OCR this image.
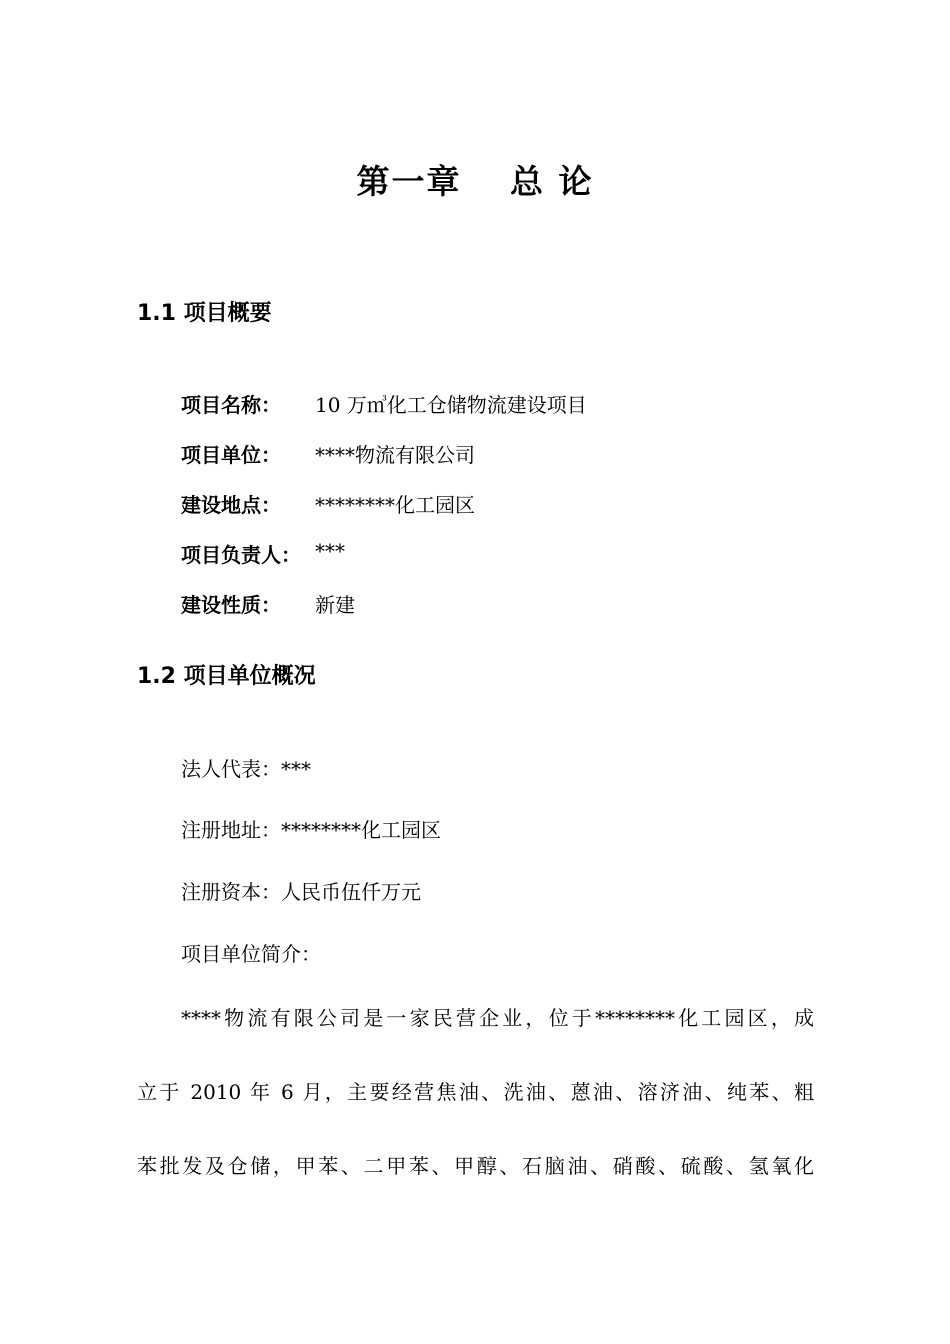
第一章　 总 论
1.1 项目概要
项目名称： 10 万㎥化工仓储物流建设项目
项目单位： ****物流有限公司
建设地点： ********化工园区
项目负责人： ***
建设性质： 新建
1.2 项目单位概况
法人代表：***
注册地址：********化工园区
注册资本：人民币伍仟万元
项目单位简介：
****物流有限公司是一家民营企业，位于********化工园区，成
立于 2010 年 6 月，主要经营焦油、洗油、蒽油、溶济油、纯苯、粗
苯批发及仓储，甲苯、二甲苯、甲醇、石脑油、硝酸、硫酸、氢氧化
